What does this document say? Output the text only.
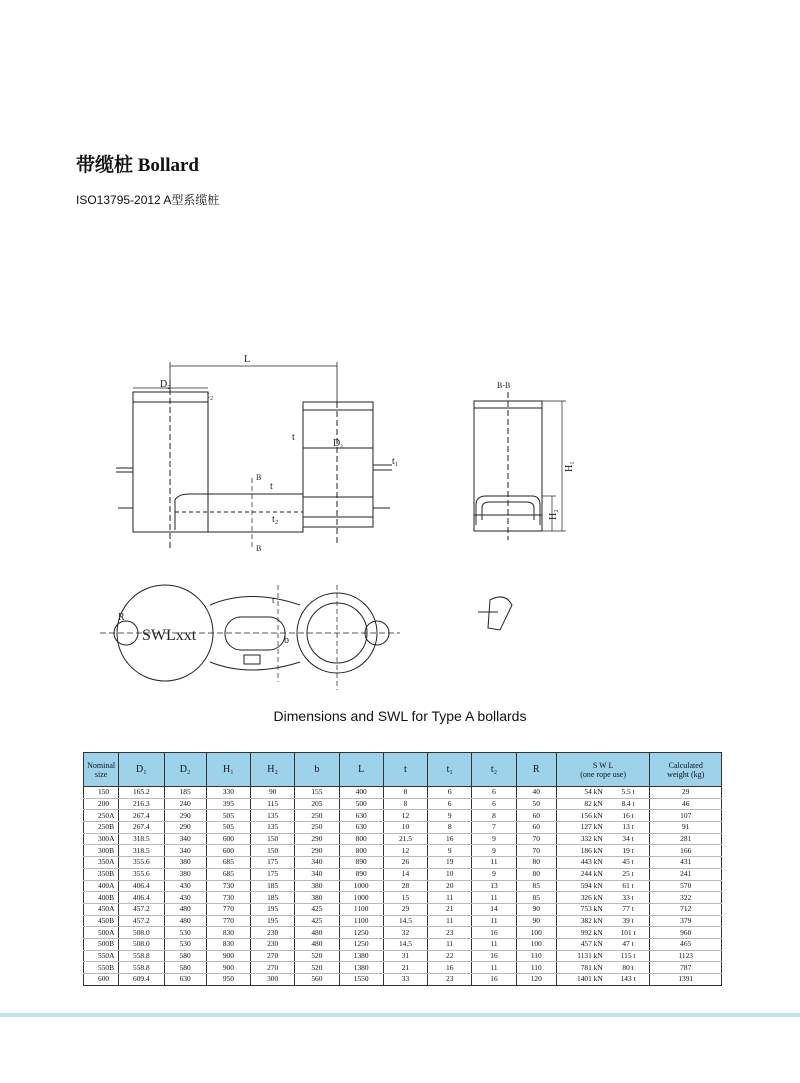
带缆桩 Bollard
ISO13795-2012 A型系缆桩
L
D₂
D₁
t₂
t
t₁
t
t₂
B
B
B-B
H₁
H₂
SWLxxt
R
b
t
Dimensions and SWL for Type A bollards
Nominal size	D₁	D₂	H₁	H₂	b	L	t	t₁	t₂	R	S W L
(one rope use)		Calculated
weight (kg)
150	165.2	185	330	90	155	400	8	6	6	40	54 kN	5.5 t	29
200	216.3	240	395	115	205	500	8	6	6	50	82 kN	8.4 t	46
250A	267.4	290	505	135	250	630	12	9	8	60	156 kN	16 t	107
250B	267.4	290	505	135	250	630	10	8	7	60	127 kN	13 t	91
300A	318.5	340	600	150	290	800	21.5	16	9	70	332 kN	34 t	281
300B	318.5	340	600	150	290	800	12	9	9	70	186 kN	19 t	166
350A	355.6	380	685	175	340	890	26	19	11	80	443 kN	45 t	431
350B	355.6	380	685	175	340	890	14	10	9	80	244 kN	25 t	241
400A	406.4	430	730	185	380	1000	28	20	13	85	594 kN	61 t	570
400B	406.4	430	730	185	380	1000	15	11	11	85	326 kN	33 t	322
450A	457.2	480	770	195	425	1100	29	21	14	90	753 kN	77 t	712
450B	457.2	480	770	195	425	1100	14.5	11	11	90	382 kN	39 t	379
500A	508.0	530	830	230	480	1250	32	23	16	100	992 kN	101 t	960
500B	508.0	530	830	230	480	1250	14.5	11	11	100	457 kN	47 t	465
550A	558.8	580	900	270	520	1380	31	22	16	110	1131 kN	115 t	1123
550B	558.8	580	900	270	520	1380	21	16	11	110	781 kN	80 t	787
600	609.4	630	950	300	560	1550	33	23	16	120	1401 kN	143 t	1391
